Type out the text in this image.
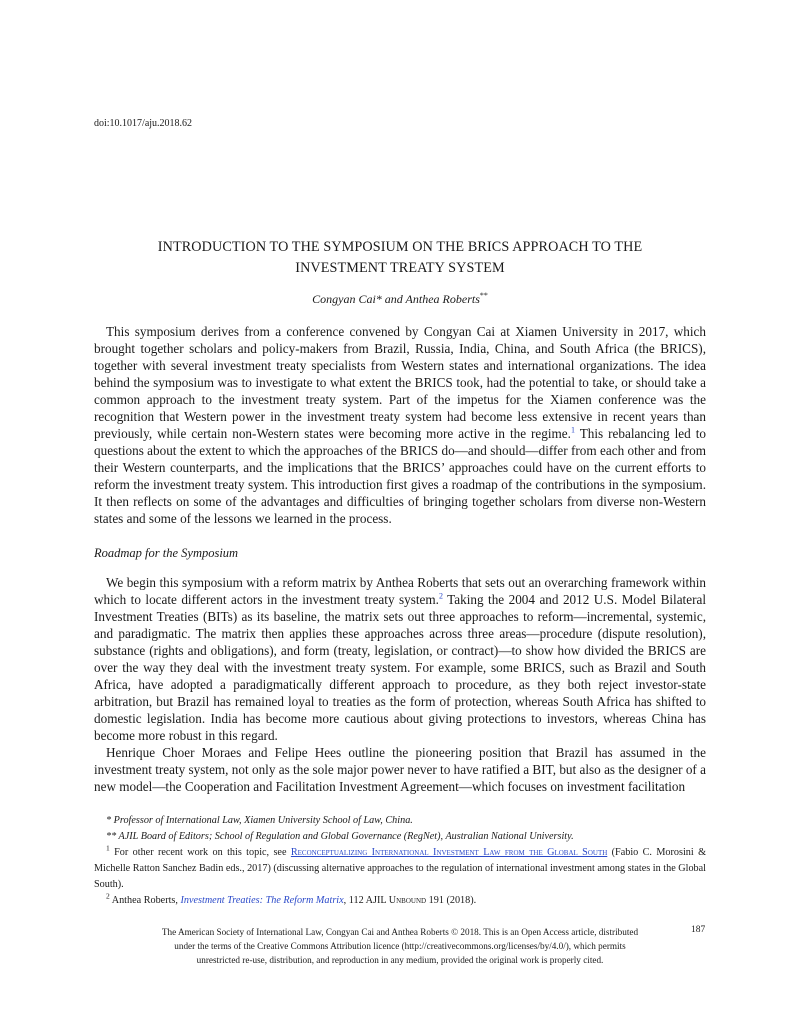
doi:10.1017/aju.2018.62
INTRODUCTION TO THE SYMPOSIUM ON THE BRICS APPROACH TO THE
INVESTMENT TREATY SYSTEM
Congyan Cai* and Anthea Roberts**

This symposium derives from a conference convened by Congyan Cai at Xiamen University in 2017, which brought together scholars and policy-makers from Brazil, Russia, India, China, and South Africa (the BRICS), together with several investment treaty specialists from Western states and international organizations. The idea behind the symposium was to investigate to what extent the BRICS took, had the potential to take, or should take a common approach to the investment treaty system. Part of the impetus for the Xiamen conference was the recognition that Western power in the investment treaty system had become less extensive in recent years than previously, while certain non-Western states were becoming more active in the regime.$^1$ This rebalancing led to questions about the extent to which the approaches of the BRICS do—and should—differ from each other and from their Western counterparts, and the implications that the BRICS’ approaches could have on the current efforts to reform the investment treaty system. This introduction first gives a roadmap of the contributions in the symposium. It then reflects on some of the advantages and difficulties of bringing together scholars from diverse non-Western states and some of the lessons we learned in the process.

Roadmap for the Symposium

We begin this symposium with a reform matrix by Anthea Roberts that sets out an overarching framework within which to locate different actors in the investment treaty system.$^2$ Taking the 2004 and 2012 U.S. Model Bilateral Investment Treaties (BITs) as its baseline, the matrix sets out three approaches to reform—incremental, systemic, and paradigmatic. The matrix then applies these approaches across three areas—procedure (dispute resolution), substance (rights and obligations), and form (treaty, legislation, or contract)—to show how divided the BRICS are over the way they deal with the investment treaty system. For example, some BRICS, such as Brazil and South Africa, have adopted a paradigmatically different approach to procedure, as they both reject investor-state arbitration, but Brazil has remained loyal to treaties as the form of protection, whereas South Africa has shifted to domestic legislation. India has become more cautious about giving protections to investors, whereas China has become more robust in this regard.

Henrique Choer Moraes and Felipe Hees outline the pioneering position that Brazil has assumed in the investment treaty system, not only as the sole major power never to have ratified a BIT, but also as the designer of a new model—the Cooperation and Facilitation Investment Agreement—which focuses on investment facilitation

* Professor of International Law, Xiamen University School of Law, China.

** AJIL Board of Editors; School of Regulation and Global Governance (RegNet), Australian National University.

$^1$ For other recent work on this topic, see Reconceptualizing International Investment Law from the Global South (Fabio C. Morosini & Michelle Ratton Sanchez Badin eds., 2017) (discussing alternative approaches to the regulation of international investment among states in the Global South).

$^2$ Anthea Roberts, Investment Treaties: The Reform Matrix, 112 AJIL Unbound 191 (2018).

The American Society of International Law, Congyan Cai and Anthea Roberts © 2018. This is an Open Access article, distributed
under the terms of the Creative Commons Attribution licence (http://creativecommons.org/licenses/by/4.0/), which permits
unrestricted re-use, distribution, and reproduction in any medium, provided the original work is properly cited.
187
